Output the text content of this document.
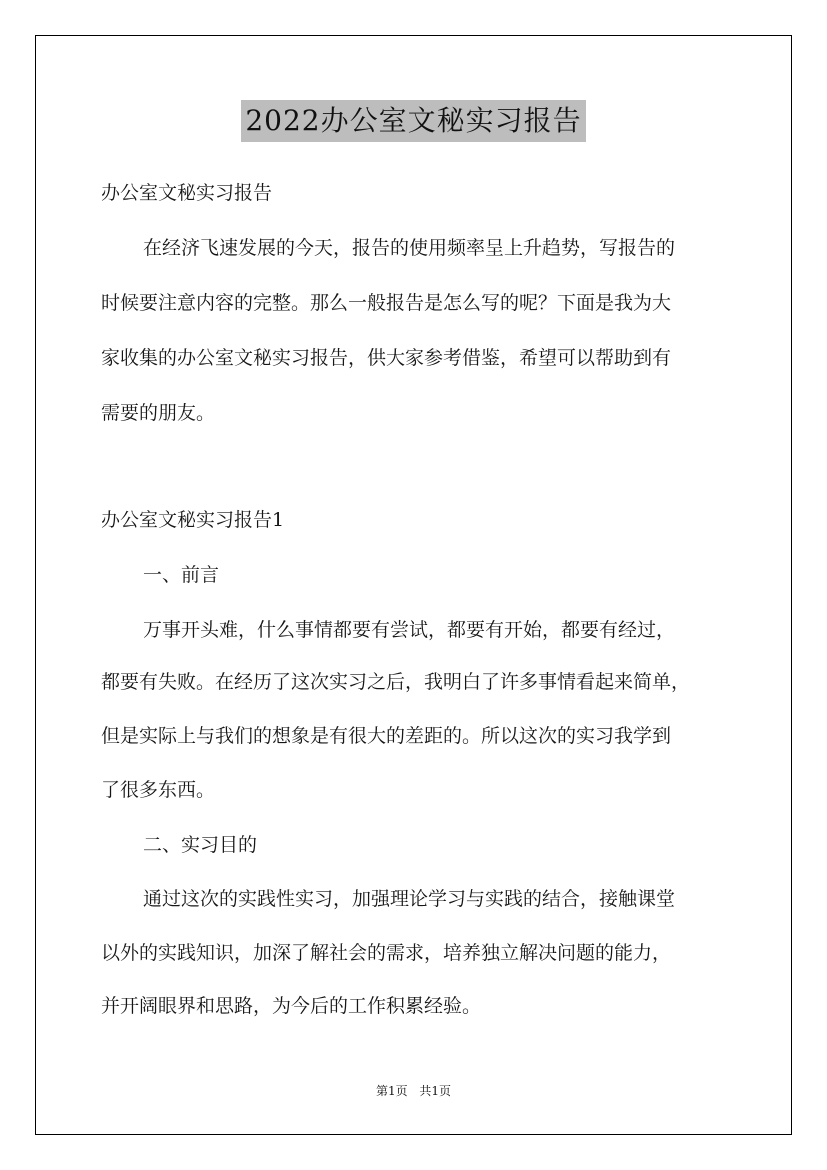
2022办公室文秘实习报告
办公室文秘实习报告
在经济飞速发展的今天，报告的使用频率呈上升趋势，写报告的
时候要注意内容的完整。那么一般报告是怎么写的呢？下面是我为大
家收集的办公室文秘实习报告，供大家参考借鉴，希望可以帮助到有
需要的朋友。
办公室文秘实习报告1
一、前言
万事开头难，什么事情都要有尝试，都要有开始，都要有经过，
都要有失败。在经历了这次实习之后，我明白了许多事情看起来简单，
但是实际上与我们的想象是有很大的差距的。所以这次的实习我学到
了很多东西。
二、实习目的
通过这次的实践性实习，加强理论学习与实践的结合，接触课堂
以外的实践知识，加深了解社会的需求，培养独立解决问题的能力，
并开阔眼界和思路，为今后的工作积累经验。
第1页 共1页
